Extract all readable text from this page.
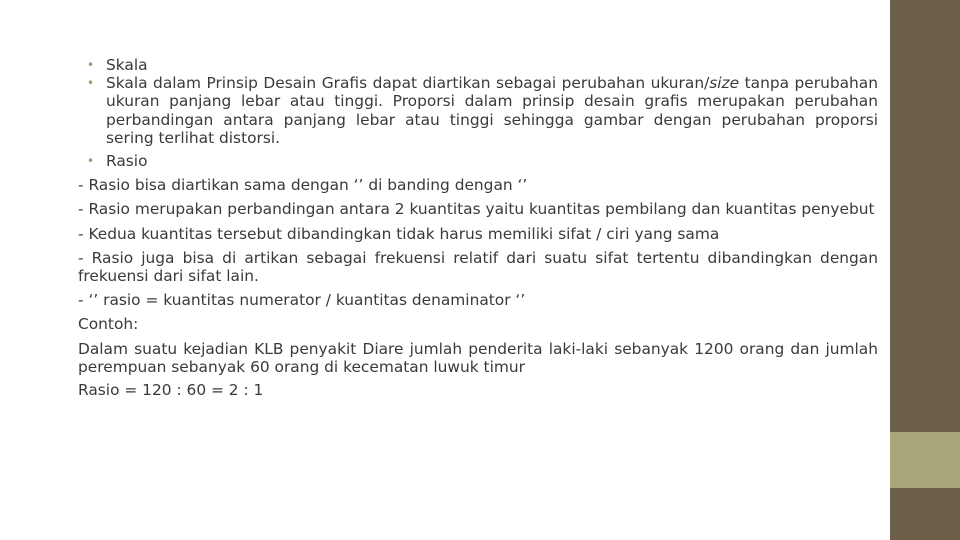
• Skala
• Skala dalam Prinsip Desain Grafis dapat diartikan sebagai perubahan ukuran/size tanpa perubahan ukuran panjang lebar atau tinggi. Proporsi dalam prinsip desain grafis merupakan perubahan perbandingan antara panjang lebar atau tinggi sehingga gambar dengan perubahan proporsi sering terlihat distorsi.
• Rasio
- Rasio bisa diartikan sama dengan ‘’ di banding dengan ‘’
- Rasio merupakan perbandingan antara 2 kuantitas yaitu kuantitas pembilang dan kuantitas penyebut
- Kedua kuantitas tersebut dibandingkan tidak harus memiliki sifat / ciri yang sama
- Rasio juga bisa di artikan sebagai frekuensi relatif dari suatu sifat tertentu dibandingkan dengan frekuensi dari sifat lain.
- ‘’ rasio = kuantitas numerator / kuantitas denaminator ‘’
Contoh:
Dalam suatu kejadian KLB penyakit Diare jumlah penderita laki-laki sebanyak 1200 orang dan jumlah perempuan sebanyak 60 orang di kecematan luwuk timur
Rasio = 120 : 60 = 2 : 1
